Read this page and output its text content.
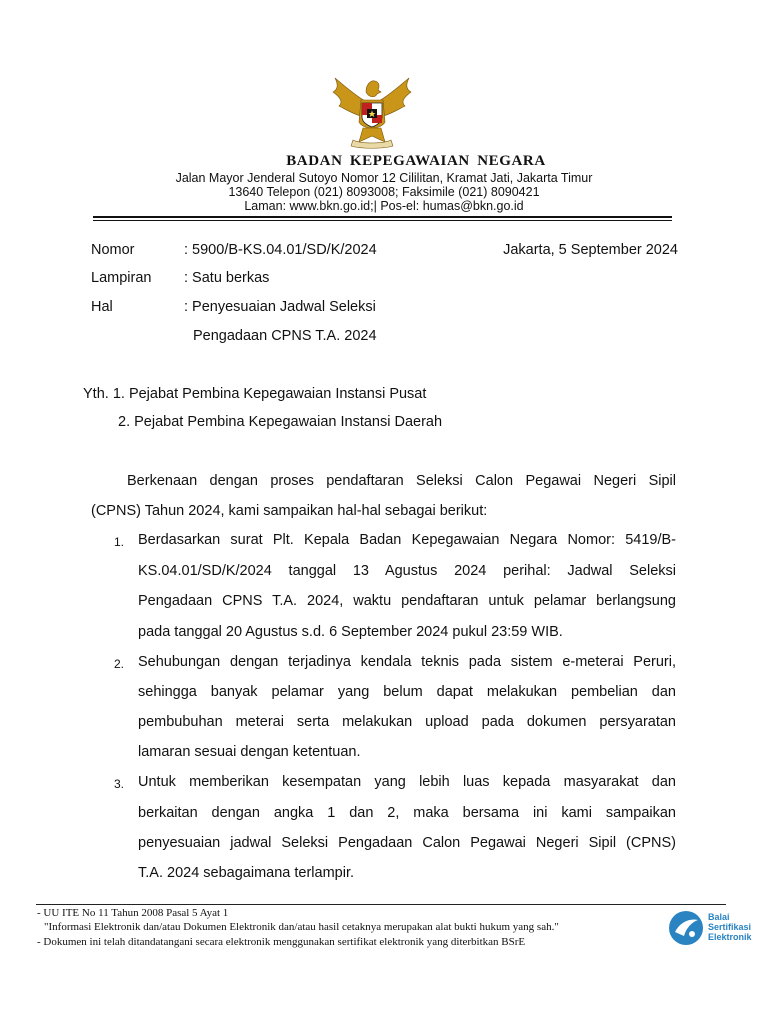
BADAN KEPEGAWAIAN NEGARA
Jalan Mayor Jenderal Sutoyo Nomor 12 Cililitan, Kramat Jati, Jakarta Timur
13640 Telepon (021) 8093008; Faksimile (021) 8090421
Laman: www.bkn.go.id;| Pos-el: humas@bkn.go.id
Nomor	: 5900/B-KS.04.01/SD/K/2024	Jakarta, 5 September 2024
Lampiran : Satu berkas
Hal	: Penyesuaian Jadwal Seleksi
Pengadaan CPNS T.A. 2024
Yth. 1. Pejabat Pembina Kepegawaian Instansi Pusat
2. Pejabat Pembina Kepegawaian Instansi Daerah
Berkenaan dengan proses pendaftaran Seleksi Calon Pegawai Negeri Sipil
(CPNS) Tahun 2024, kami sampaikan hal-hal sebagai berikut:
1. Berdasarkan surat Plt. Kepala Badan Kepegawaian Negara Nomor: 5419/B-
KS.04.01/SD/K/2024 tanggal 13 Agustus 2024 perihal: Jadwal Seleksi
Pengadaan CPNS T.A. 2024, waktu pendaftaran untuk pelamar berlangsung
pada tanggal 20 Agustus s.d. 6 September 2024 pukul 23:59 WIB.
2. Sehubungan dengan terjadinya kendala teknis pada sistem e-meterai Peruri,
sehingga banyak pelamar yang belum dapat melakukan pembelian dan
pembubuhan meterai serta melakukan upload pada dokumen persyaratan
lamaran sesuai dengan ketentuan.
3. Untuk memberikan kesempatan yang lebih luas kepada masyarakat dan
berkaitan dengan angka 1 dan 2, maka bersama ini kami sampaikan
penyesuaian jadwal Seleksi Pengadaan Calon Pegawai Negeri Sipil (CPNS)
T.A. 2024 sebagaimana terlampir.
- UU ITE No 11 Tahun 2008 Pasal 5 Ayat 1
"Informasi Elektronik dan/atau Dokumen Elektronik dan/atau hasil cetaknya merupakan alat bukti hukum yang sah."
- Dokumen ini telah ditandatangani secara elektronik menggunakan sertifikat elektronik yang diterbitkan BSrE
Balai
Sertifikasi
Elektronik
